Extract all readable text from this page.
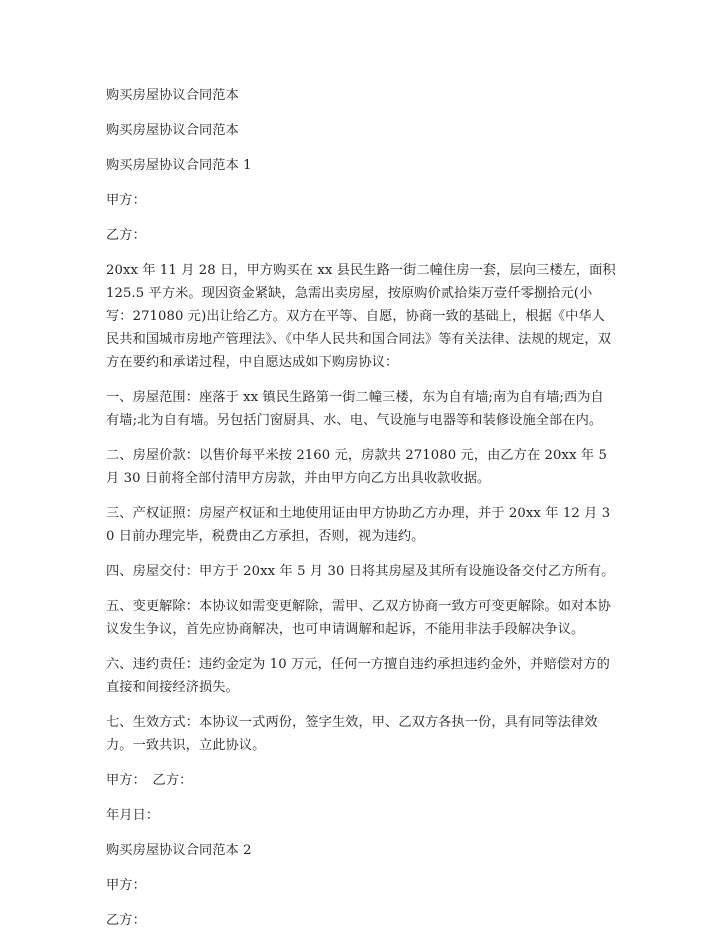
购买房屋协议合同范本

购买房屋协议合同范本

购买房屋协议合同范本 1

甲方：

乙方：

20xx 年 11 月 28 日，甲方购买在 xx 县民生路一街二幢住房一套，层向三楼左，面积 125.5 平方米。现因资金紧缺，急需出卖房屋，按原购价贰拾柒万壹仟零捌拾元(小写：271080 元)出让给乙方。双方在平等、自愿，协商一致的基础上，根据《中华人民共和国城市房地产管理法》、《中华人民共和国合同法》等有关法律、法规的规定，双方在要约和承诺过程，中自愿达成如下购房协议：

一、房屋范围：座落于 xx 镇民生路第一街二幢三楼，东为自有墙;南为自有墙;西为自有墙;北为自有墙。另包括门窗厨具、水、电、气设施与电器等和装修设施全部在内。

二、房屋价款：以售价每平米按 2160 元，房款共 271080 元，由乙方在 20xx 年 5 月 30 日前将全部付清甲方房款，并由甲方向乙方出具收款收据。

三、产权证照：房屋产权证和土地使用证由甲方协助乙方办理，并于 20xx 年 12 月 30 日前办理完毕，税费由乙方承担，否则，视为违约。

四、房屋交付：甲方于 20xx 年 5 月 30 日将其房屋及其所有设施设备交付乙方所有。

五、变更解除：本协议如需变更解除，需甲、乙双方协商一致方可变更解除。如对本协议发生争议，首先应协商解决，也可申请调解和起诉，不能用非法手段解决争议。

六、违约责任：违约金定为 10 万元，任何一方擅自违约承担违约金外，并赔偿对方的直接和间接经济损失。

七、生效方式：本协议一式两份，签字生效，甲、乙双方各执一份，具有同等法律效力。一致共识，立此协议。

甲方：　乙方：

年月日：

购买房屋协议合同范本 2

甲方：

乙方：
